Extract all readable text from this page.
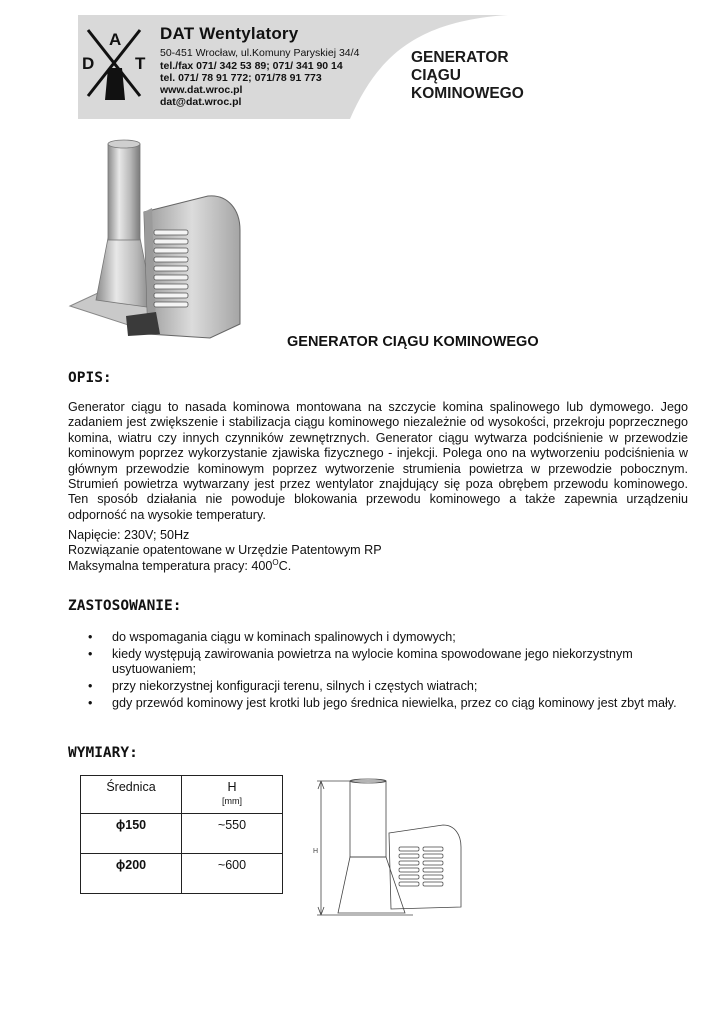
A
D T
DAT Wentylatory
50-451 Wrocław, ul.Komuny Paryskiej 34/4
tel./fax 071/ 342 53 89; 071/ 341 90 14
tel. 071/ 78 91 772; 071/78 91 773
www.dat.wroc.pl
dat@dat.wroc.pl
GENERATOR
CIĄGU
KOMINOWEGO
GENERATOR CIĄGU KOMINOWEGO
OPIS:
Generator ciągu to nasada kominowa montowana na szczycie komina spalinowego lub dymowego. Jego zadaniem jest zwiększenie i stabilizacja ciągu kominowego niezależnie od wysokości, przekroju poprzecznego komina, wiatru czy innych czynników zewnętrznych. Generator ciągu wytwarza podciśnienie w przewodzie kominowym poprzez wykorzystanie zjawiska fizycznego - injekcji. Polega ono na wytworzeniu podciśnienia w głównym przewodzie kominowym poprzez wytworzenie strumienia powietrza w przewodzie pobocznym. Strumień powietrza wytwarzany jest przez wentylator znajdujący się poza obrębem przewodu kominowego. Ten sposób działania nie powoduje blokowania przewodu kominowego a także zapewnia urządzeniu odporność na wysokie temperatury.
Napięcie: 230V; 50Hz
Rozwiązanie opatentowane w Urzędzie Patentowym RP
Maksymalna temperatura pracy: $400^OC$.
ZASTOSOWANIE:
• do wspomagania ciągu w kominach spalinowych i dymowych;
• kiedy występują zawirowania powietrza na wylocie komina spowodowane jego niekorzystnym usytuowaniem;
• przy niekorzystnej konfiguracji terenu, silnych i częstych wiatrach;
• gdy przewód kominowy jest krotki lub jego średnica niewielka, przez co ciąg kominowy jest zbyt mały.
WYMIARY:
Średnica	H
[mm]

ϕ150	~550
ϕ200	~600
H
